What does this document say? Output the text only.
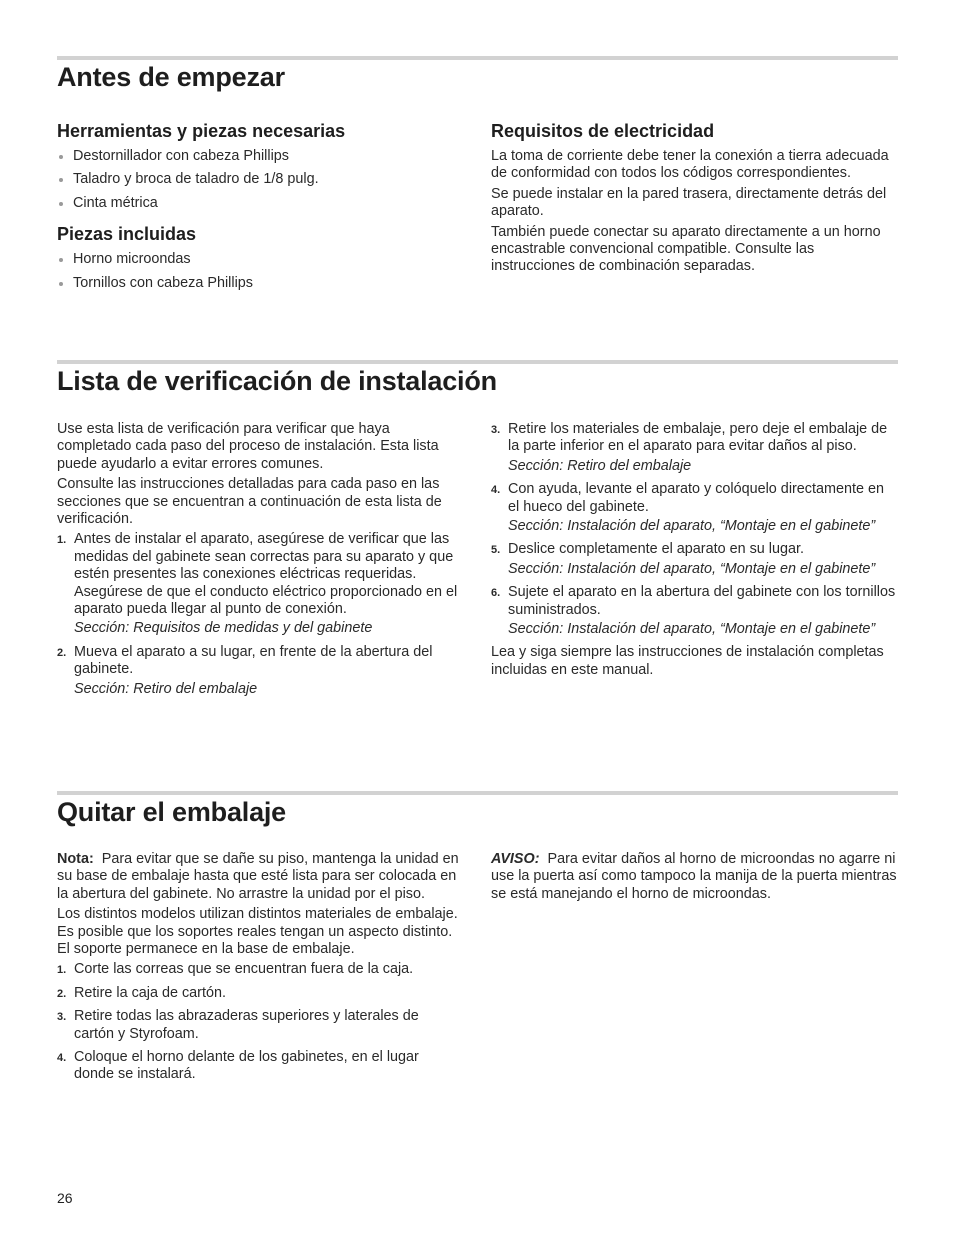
Antes de empezar
Herramientas y piezas necesarias
Destornillador con cabeza Phillips
Taladro y broca de taladro de 1/8 pulg.
Cinta métrica
Piezas incluidas
Horno microondas
Tornillos con cabeza Phillips
Requisitos de electricidad

La toma de corriente debe tener la conexión a tierra adecuada de conformidad con todos los códigos correspondientes.

Se puede instalar en la pared trasera, directamente detrás del aparato.

También puede conectar su aparato directamente a un horno encastrable convencional compatible. Consulte las instrucciones de combinación separadas.

Lista de verificación de instalación

Use esta lista de verificación para verificar que haya completado cada paso del proceso de instalación. Esta lista puede ayudarlo a evitar errores comunes.

Consulte las instrucciones detalladas para cada paso en las secciones que se encuentran a continuación de esta lista de verificación.

1. Antes de instalar el aparato, asegúrese de verificar que las medidas del gabinete sean correctas para su aparato y que estén presentes las conexiones eléctricas requeridas. Asegúrese de que el conducto eléctrico proporcionado en el aparato pueda llegar al punto de conexión.
Sección: Requisitos de medidas y del gabinete
2. Mueva el aparato a su lugar, en frente de la abertura del gabinete.
Sección: Retiro del embalaje
3. Retire los materiales de embalaje, pero deje el embalaje de la parte inferior en el aparato para evitar daños al piso.
Sección: Retiro del embalaje
4. Con ayuda, levante el aparato y colóquelo directamente en el hueco del gabinete.
Sección: Instalación del aparato, “Montaje en el gabinete”
5. Deslice completamente el aparato en su lugar.
Sección: Instalación del aparato, “Montaje en el gabinete”
6. Sujete el aparato en la abertura del gabinete con los tornillos suministrados.
Sección: Instalación del aparato, “Montaje en el gabinete”

Lea y siga siempre las instrucciones de instalación completas incluidas en este manual.

Quitar el embalaje

Nota: Para evitar que se dañe su piso, mantenga la unidad en su base de embalaje hasta que esté lista para ser colocada en la abertura del gabinete. No arrastre la unidad por el piso.

Los distintos modelos utilizan distintos materiales de embalaje. Es posible que los soportes reales tengan un aspecto distinto. El soporte permanece en la base de embalaje.

1. Corte las correas que se encuentran fuera de la caja.
2. Retire la caja de cartón.
3. Retire todas las abrazaderas superiores y laterales de cartón y Styrofoam.
4. Coloque el horno delante de los gabinetes, en el lugar donde se instalará.

AVISO: Para evitar daños al horno de microondas no agarre ni use la puerta así como tampoco la manija de la puerta mientras se está manejando el horno de microondas.

26
